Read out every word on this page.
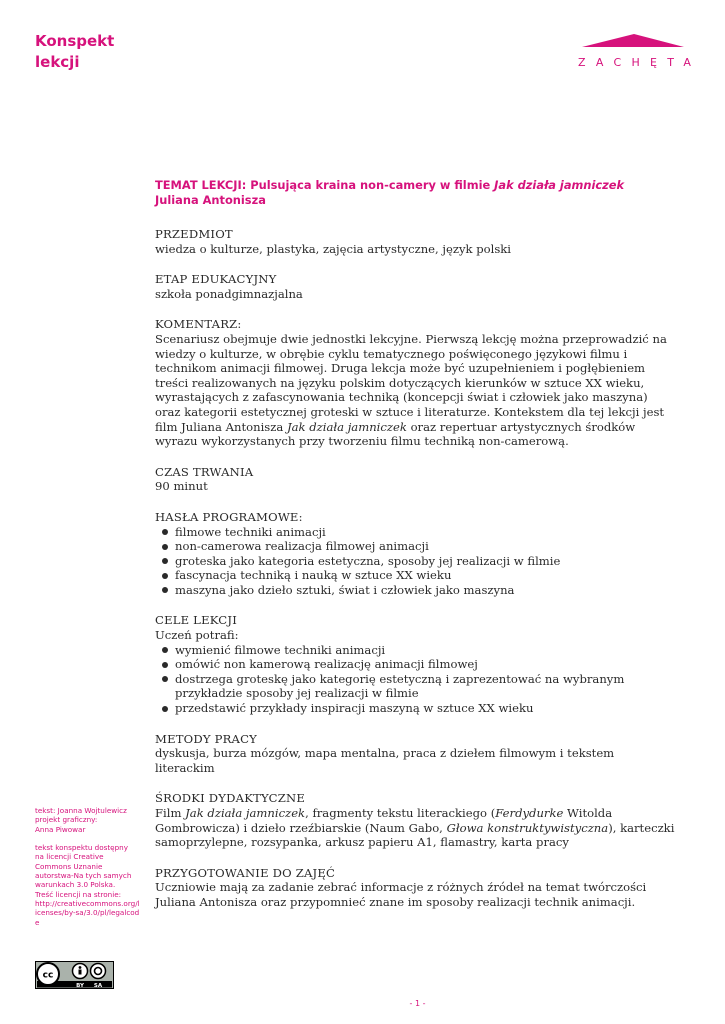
Konspekt
lekcji	ZACHĘTA

TEMAT LEKCJI: Pulsująca kraina non-camery w filmie Jak działa jamniczek
Juliana Antonisza

PRZEDMIOT

wiedza o kulturze, plastyka, zajęcia artystyczne, język polski

ETAP EDUKACYJNY

szkoła ponadgimnazjalna

KOMENTARZ:

Scenariusz obejmuje dwie jednostki lekcyjne. Pierwszą lekcję można przeprowadzić na wiedzy o kulturze, w obrębie cyklu tematycznego poświęconego językowi filmu i technikom animacji filmowej. Druga lekcja może być uzupełnieniem i pogłębieniem treści realizowanych na języku polskim dotyczących kierunków w sztuce XX wieku, wyrastających z zafascynowania techniką (koncepcji świat i człowiek jako maszyna) oraz kategorii estetycznej groteski w sztuce i literaturze. Kontekstem dla tej lekcji jest film Juliana Antonisza Jak działa jamniczek oraz repertuar artystycznych środków wyrazu wykorzystanych przy tworzeniu filmu techniką non-camerową.

CZAS TRWANIA

90 minut

HASŁA PROGRAMOWE:

filmowe techniki animacji
non-camerowa realizacja filmowej animacji
groteska jako kategoria estetyczna, sposoby jej realizacji w filmie
fascynacja techniką i nauką w sztuce XX wieku
maszyna jako dzieło sztuki, świat i człowiek jako maszyna

CELE LEKCJI

Uczeń potrafi:

wymienić filmowe techniki animacji
omówić non kamerową realizację animacji filmowej
dostrzega groteskę jako kategorię estetyczną i zaprezentować na wybranym przykładzie sposoby jej realizacji w filmie
przedstawić przykłady inspiracji maszyną w sztuce XX wieku

METODY PRACY

dyskusja, burza mózgów, mapa mentalna, praca z dziełem filmowym i tekstem literackim

ŚRODKI DYDAKTYCZNE

Film Jak działa jamniczek, fragmenty tekstu literackiego (Ferdydurke Witolda Gombrowicza) i dzieło rzeźbiarskie (Naum Gabo, Głowa konstruktywistyczna), karteczki samoprzylepne, rozsypanka, arkusz papieru A1, flamastry, karta pracy

PRZYGOTOWANIE DO ZAJĘĆ

Uczniowie mają za zadanie zebrać informacje z różnych źródeł na temat twórczości Juliana Antonisza oraz przypomnieć znane im sposoby realizacji technik animacji.

tekst: Joanna Wojtulewicz

projekt graficzny:

Anna Piwowar

tekst konspektu dostępny

na licencji Creative Commons Uznanie autorstwa-Na tych samych warunkach 3.0 Polska.

Treść licencji na stronie:

http://creativecommons.org/licenses/by-sa/3.0/pl/legalcode

cc
BY SA
- 1 -
